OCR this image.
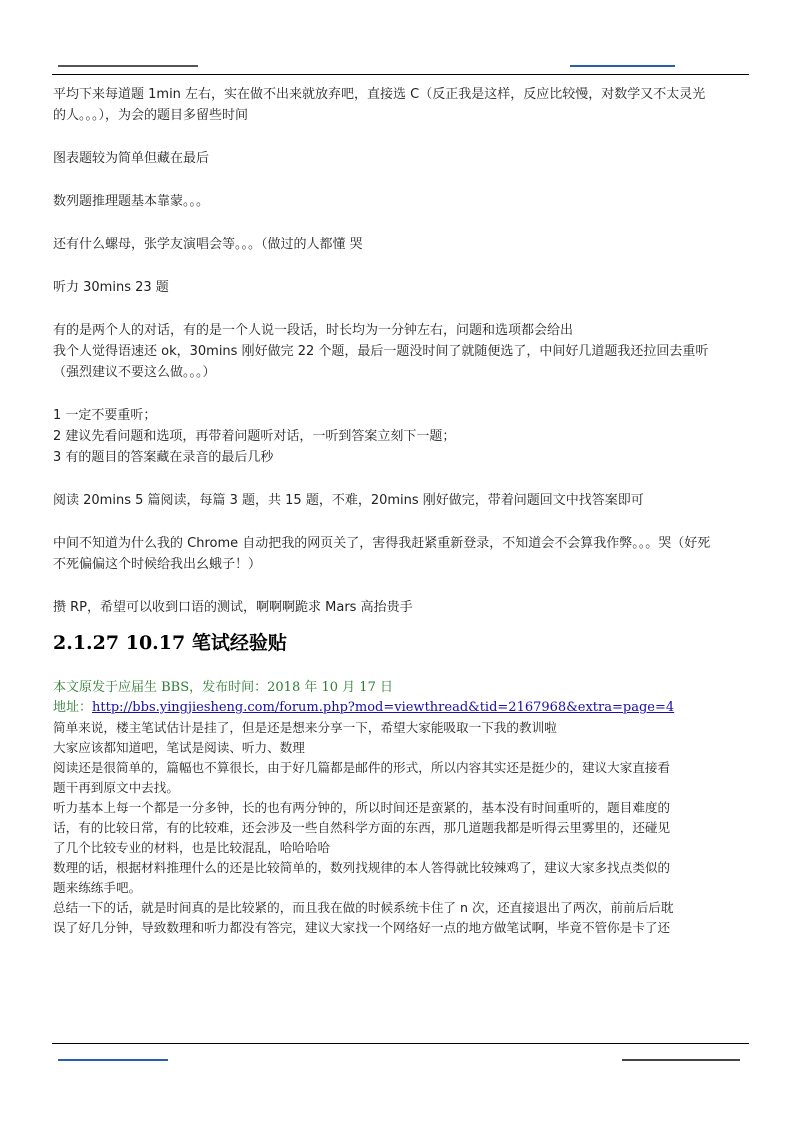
平均下来每道题 1min 左右，实在做不出来就放弃吧，直接选 C（反正我是这样，反应比较慢，对数学又不太灵光

的人。。。），为会的题目多留些时间

图表题较为简单但藏在最后

数列题推理题基本靠蒙。。。

还有什么螺母，张学友演唱会等。。。（做过的人都懂 哭

听力 30mins 23 题

有的是两个人的对话，有的是一个人说一段话，时长均为一分钟左右，问题和选项都会给出

我个人觉得语速还 ok，30mins 刚好做完 22 个题，最后一题没时间了就随便选了，中间好几道题我还拉回去重听

（强烈建议不要这么做。。。）

1 一定不要重听；

2 建议先看问题和选项，再带着问题听对话，一听到答案立刻下一题；

3 有的题目的答案藏在录音的最后几秒

阅读 20mins 5 篇阅读，每篇 3 题，共 15 题，不难，20mins 刚好做完，带着问题回文中找答案即可

中间不知道为什么我的 Chrome 自动把我的网页关了，害得我赶紧重新登录，不知道会不会算我作弊。。。哭（好死

不死偏偏这个时候给我出幺蛾子！）

攒 RP，希望可以收到口语的测试，啊啊啊跪求 Mars 高抬贵手

2.1.27 10.17 笔试经验贴

本文原发于应届生 BBS，发布时间：2018 年 10 月 17 日

地址：http://bbs.yingjiesheng.com/forum.php?mod=viewthread&tid=2167968&extra=page=4

简单来说，楼主笔试估计是挂了，但是还是想来分享一下，希望大家能吸取一下我的教训啦

大家应该都知道吧，笔试是阅读、听力、数理

阅读还是很简单的，篇幅也不算很长，由于好几篇都是邮件的形式，所以内容其实还是挺少的，建议大家直接看

题干再到原文中去找。

听力基本上每一个都是一分多钟，长的也有两分钟的，所以时间还是蛮紧的，基本没有时间重听的，题目难度的

话，有的比较日常，有的比较难，还会涉及一些自然科学方面的东西，那几道题我都是听得云里雾里的，还碰见

了几个比较专业的材料，也是比较混乱，哈哈哈哈

数理的话，根据材料推理什么的还是比较简单的，数列找规律的本人答得就比较辣鸡了，建议大家多找点类似的

题来练练手吧。

总结一下的话，就是时间真的是比较紧的，而且我在做的时候系统卡住了 n 次，还直接退出了两次，前前后后耽

误了好几分钟，导致数理和听力都没有答完，建议大家找一个网络好一点的地方做笔试啊，毕竟不管你是卡了还
